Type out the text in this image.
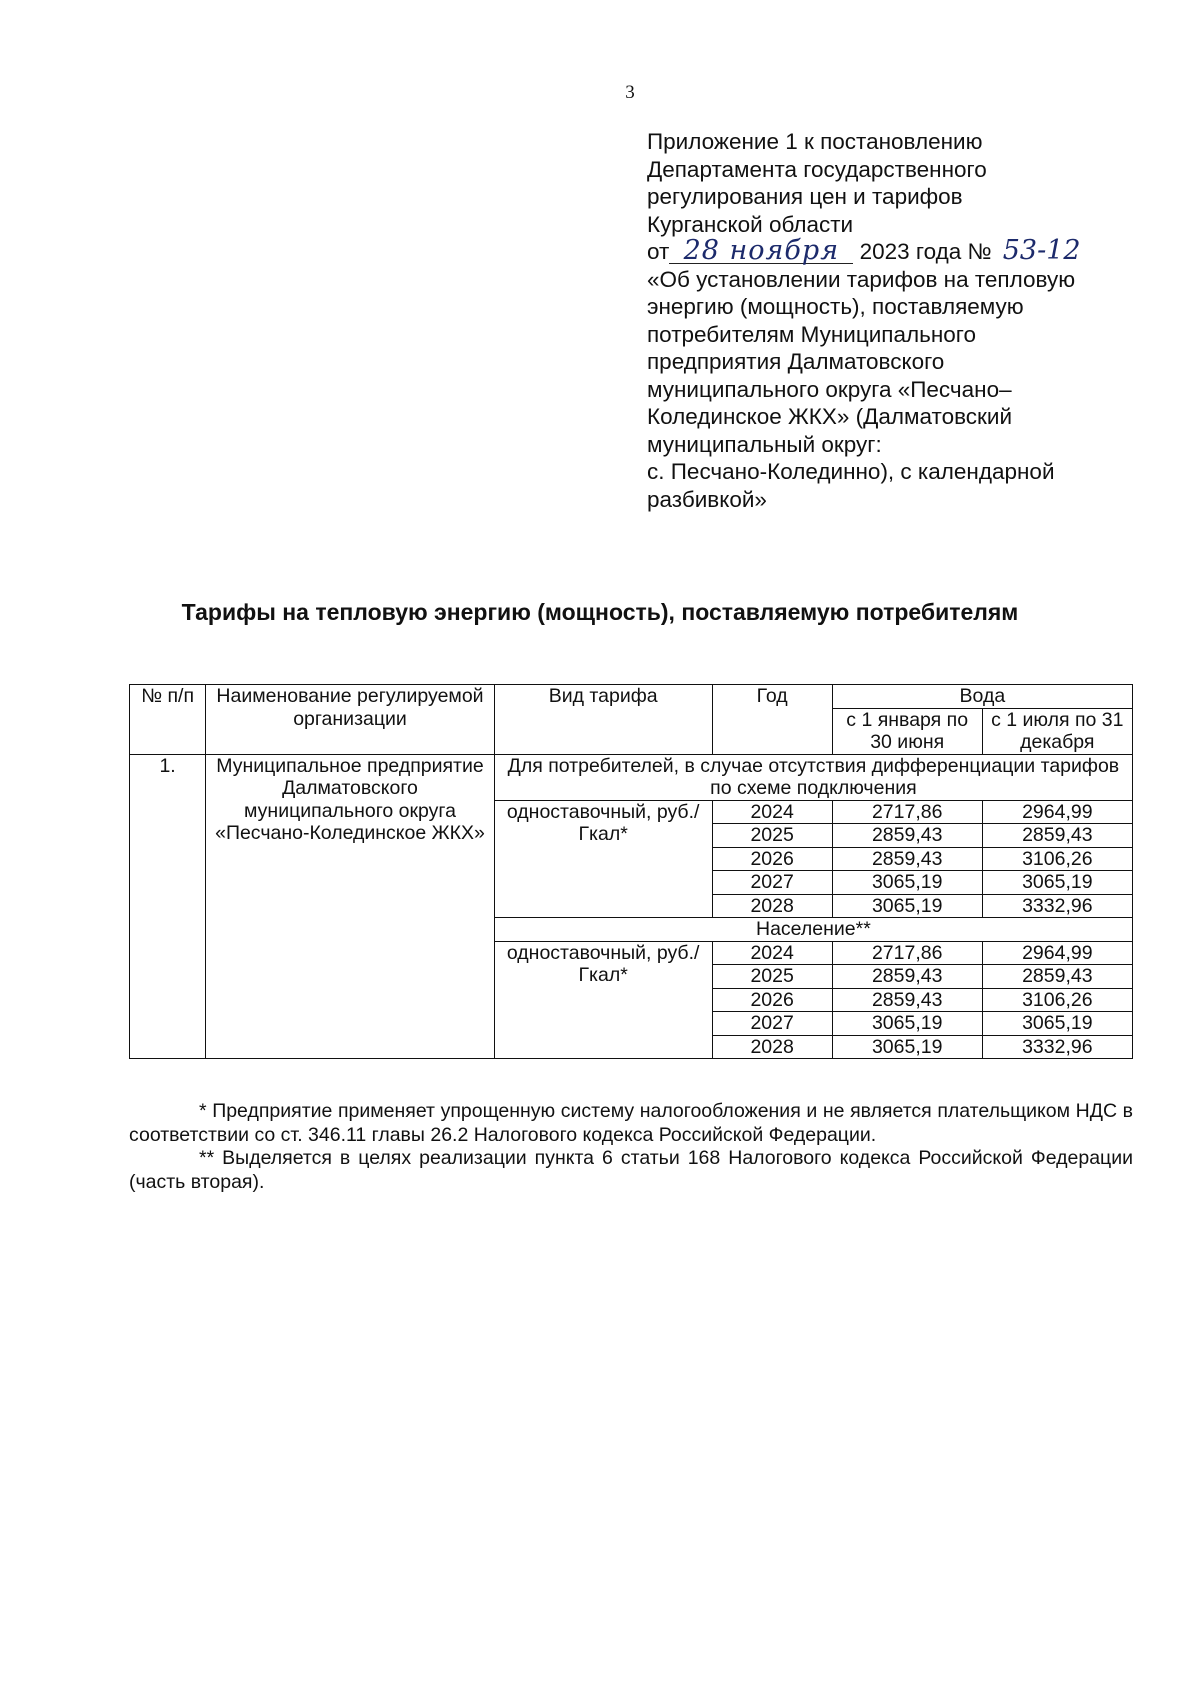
3
Приложение 1 к постановлению
Департамента государственного
регулирования цен и тарифов
Курганской области
от 28 ноября 2023 года № 53-12
«Об установлении тарифов на тепловую
энергию (мощность), поставляемую
потребителям Муниципального
предприятия Далматовского
муниципального округа «Песчано–
Колединское ЖКХ» (Далматовский
муниципальный округ:
с. Песчано-Колединно), с календарной
разбивкой»
Тарифы на тепловую энергию (мощность), поставляемую потребителям
№ п/п	Наименование регулируемой организации	Вид тарифа	Год	Вода	
				с 1 января по 30 июня	с 1 июля по 31 декабря
1.	Муниципальное предприятие Далматовского муниципального округа «Песчано-Колединское ЖКХ»	Для потребителей, в случае отсутствия дифференциации тарифов по схеме подключения			
		одноставочный, руб./Гкал*	2024	2717,86	2964,99
			2025	2859,43	2859,43
			2026	2859,43	3106,26
			2027	3065,19	3065,19
			2028	3065,19	3332,96
		Население**			
		одноставочный, руб./Гкал*	2024	2717,86	2964,99
			2025	2859,43	2859,43
			2026	2859,43	3106,26
			2027	3065,19	3065,19
			2028	3065,19	3332,96

* Предприятие применяет упрощенную систему налогообложения и не является плательщиком НДС в соответствии со ст. 346.11 главы 26.2 Налогового кодекса Российской Федерации.

** Выделяется в целях реализации пункта 6 статьи 168 Налогового кодекса Российской Федерации (часть вторая).
